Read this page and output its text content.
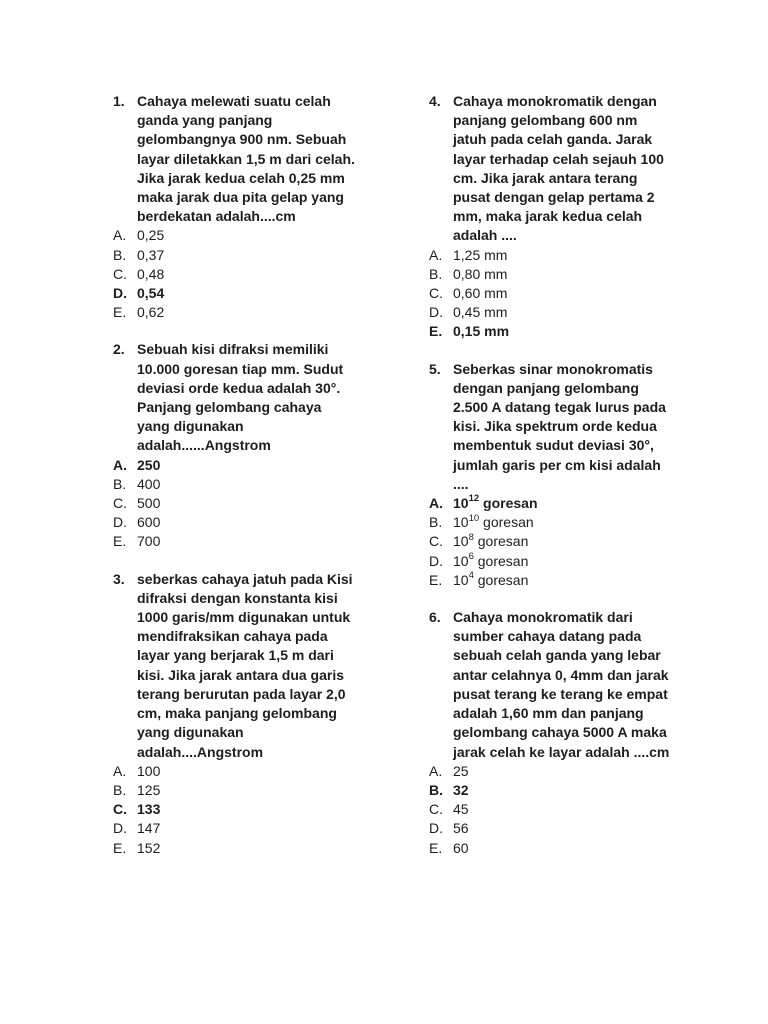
1. Cahaya melewati suatu celah ganda yang panjang gelombangnya 900 nm. Sebuah layar diletakkan 1,5 m dari celah. Jika jarak kedua celah 0,25 mm maka jarak dua pita gelap yang berdekatan adalah....cm
A. 0,25
B. 0,37
C. 0,48
D. 0,54
E. 0,62
2. Sebuah kisi difraksi memiliki 10.000 goresan tiap mm. Sudut deviasi orde kedua adalah 30°. Panjang gelombang cahaya yang digunakan adalah......Angstrom
A. 250
B. 400
C. 500
D. 600
E. 700
3. seberkas cahaya jatuh pada Kisi difraksi dengan konstanta kisi 1000 garis/mm digunakan untuk mendifraksikan cahaya pada layar yang berjarak 1,5 m dari kisi. Jika jarak antara dua garis terang berurutan pada layar 2,0 cm, maka panjang gelombang yang digunakan adalah....Angstrom
A. 100
B. 125
C. 133
D. 147
E. 152
4. Cahaya monokromatik dengan panjang gelombang 600 nm jatuh pada celah ganda. Jarak layar terhadap celah sejauh 100 cm. Jika jarak antara terang pusat dengan gelap pertama 2 mm, maka jarak kedua celah adalah ....
A. 1,25 mm
B. 0,80 mm
C. 0,60 mm
D. 0,45 mm
E. 0,15 mm
5. Seberkas sinar monokromatis dengan panjang gelombang 2.500 A datang tegak lurus pada kisi. Jika spektrum orde kedua membentuk sudut deviasi 30°, jumlah garis per cm kisi adalah ....
A. $10^{12}$ goresan
B. $10^{10}$ goresan
C. $10^8$ goresan
D. $10^6$ goresan
E. $10^4$ goresan
6. Cahaya monokromatik dari sumber cahaya datang pada sebuah celah ganda yang lebar antar celahnya 0, 4mm dan jarak pusat terang ke terang ke empat adalah 1,60 mm dan panjang gelombang cahaya 5000 A maka jarak celah ke layar adalah ....cm
A. 25
B. 32
C. 45
D. 56
E. 60
